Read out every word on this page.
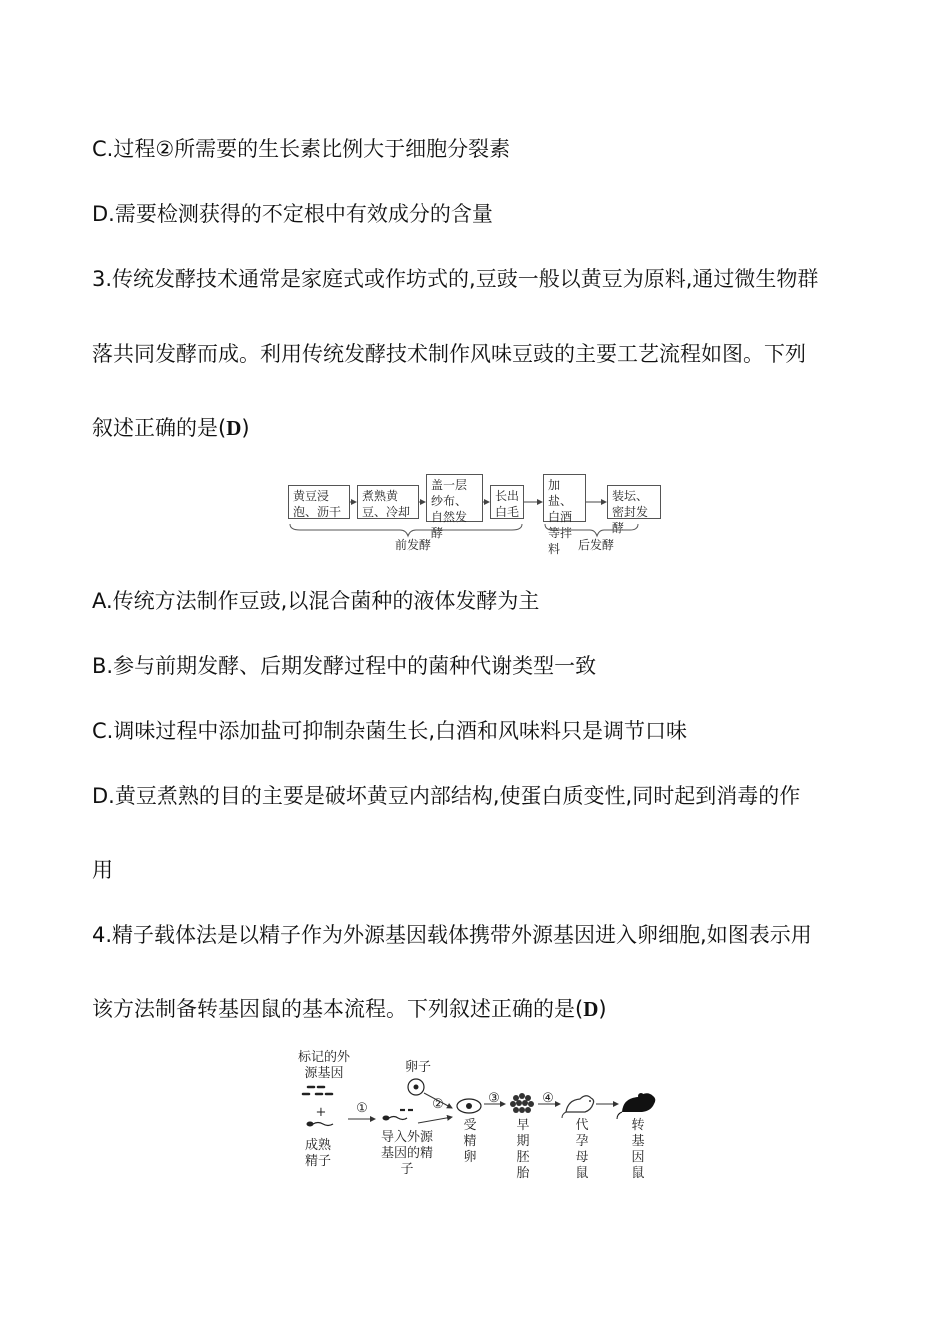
C.过程②所需要的生长素比例大于细胞分裂素
D.需要检测获得的不定根中有效成分的含量
3.传统发酵技术通常是家庭式或作坊式的,豆豉一般以黄豆为原料,通过微生物群
落共同发酵而成。利用传统发酵技术制作风味豆豉的主要工艺流程如图。下列
叙述正确的是(D)
黄豆浸泡、沥干
煮熟黄豆、冷却
盖一层纱布、自然发酵
长出白毛
加盐、白酒等拌料
装坛、密封发酵
前发酵	后发酵
A.传统方法制作豆豉,以混合菌种的液体发酵为主
B.参与前期发酵、后期发酵过程中的菌种代谢类型一致
C.调味过程中添加盐可抑制杂菌生长,白酒和风味料只是调节口味
D.黄豆煮熟的目的主要是破坏黄豆内部结构,使蛋白质变性,同时起到消毒的作
用
4.精子载体法是以精子作为外源基因载体携带外源基因进入卵细胞,如图表示用
该方法制备转基因鼠的基本流程。下列叙述正确的是(D)
标记的外源基因
+
成熟精子
卵子
导入外源基因的精子
受精卵
早期胚胎
代孕母鼠
转基因鼠
①	②	③	④
